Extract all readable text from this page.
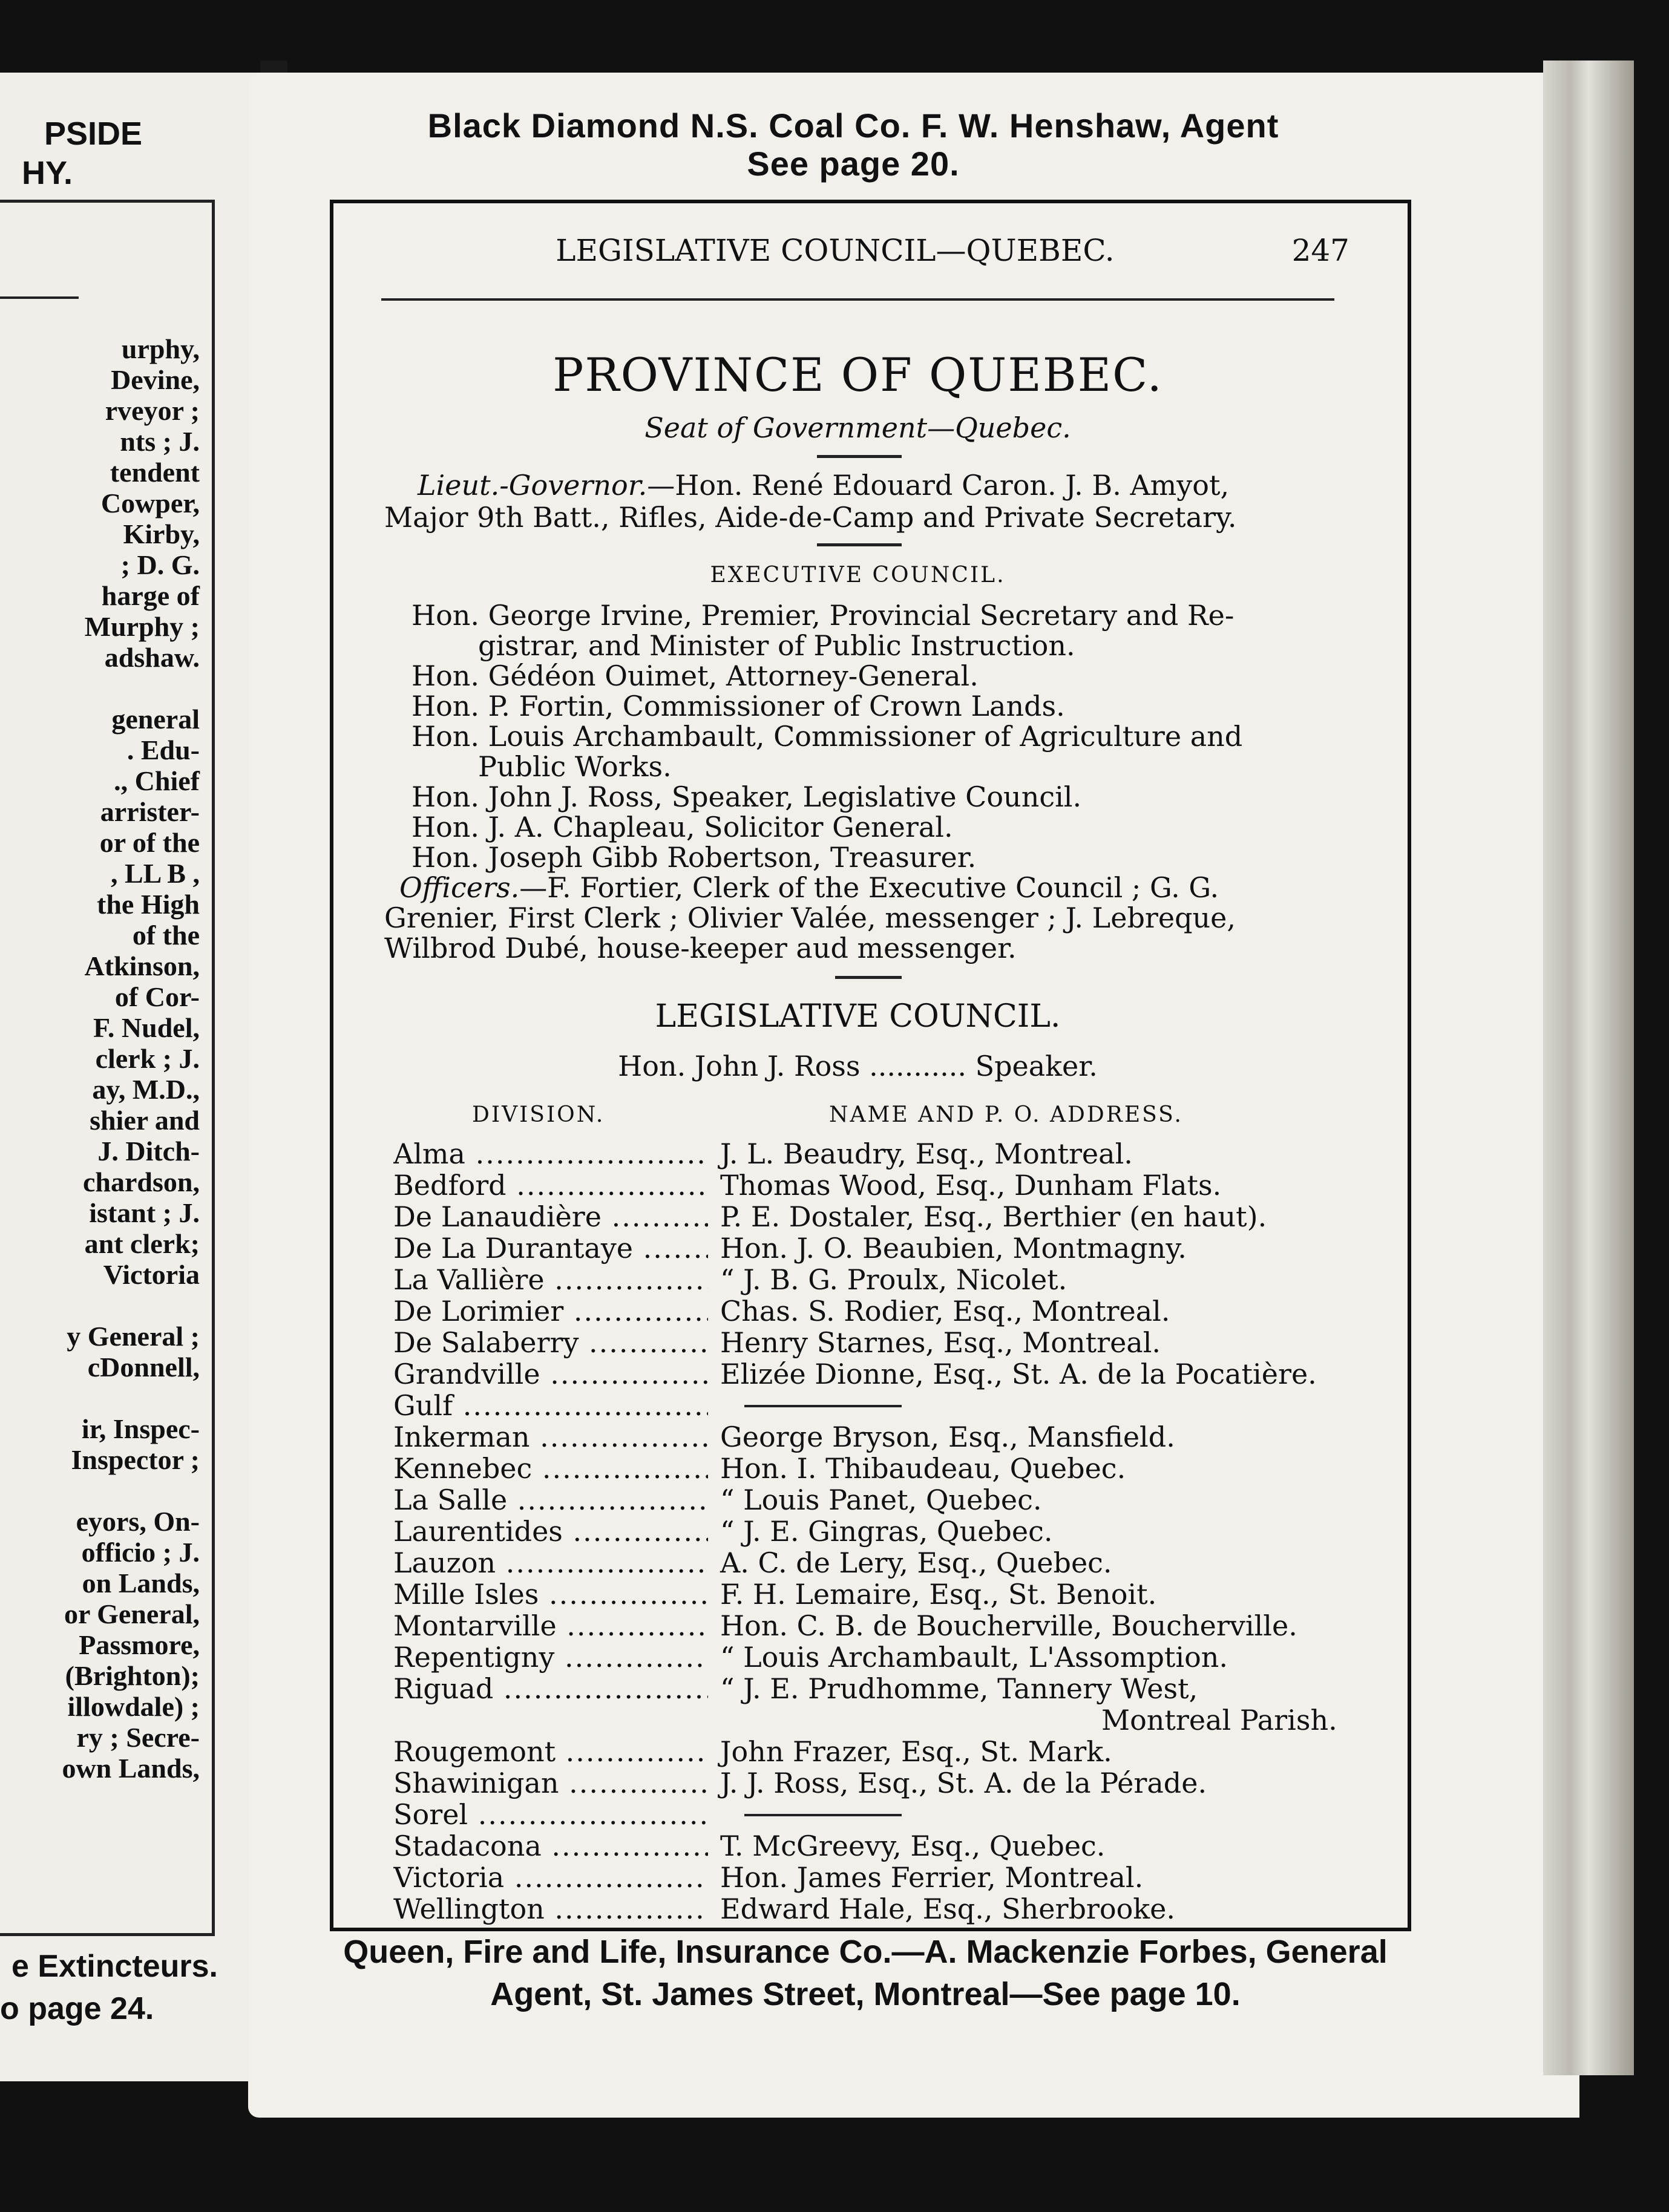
PSIDE
HY.
urphy,
Devine,
rveyor ;
nts ; J.
tendent
Cowper,
Kirby,
; D. G.
harge of
Murphy ;
adshaw.
general
. Edu-
., Chief
arrister-
or of the
, LL B ,
the High
of the
Atkinson,
of Cor-
F. Nudel,
clerk ; J.
ay, M.D.,
shier and
J. Ditch-
chardson,
istant ; J.
ant clerk;
Victoria
y General ;
cDonnell,
ir, Inspec-
Inspector ;
eyors, On-
officio ; J.
on Lands,
or General,
Passmore,
(Brighton);
illowdale) ;
ry ; Secre-
own Lands,
e Extincteurs.
o page 24.
Black Diamond N.S. Coal Co. F. W. Henshaw, Agent
See page 20.
LEGISLATIVE COUNCIL—QUEBEC.	247
PROVINCE OF QUEBEC.
Seat of Government—Quebec.
Lieut.-Governor.—Hon. René Edouard Caron. J. B. Amyot,
Major 9th Batt., Rifles, Aide-de-Camp and Private Secretary.
EXECUTIVE COUNCIL.
Hon. George Irvine, Premier, Provincial Secretary and Re-
gistrar, and Minister of Public Instruction.
Hon. Gédéon Ouimet, Attorney-General.
Hon. P. Fortin, Commissioner of Crown Lands.
Hon. Louis Archambault, Commissioner of Agriculture and
Public Works.
Hon. John J. Ross, Speaker, Legislative Council.
Hon. J. A. Chapleau, Solicitor General.
Hon. Joseph Gibb Robertson, Treasurer.
Officers.—F. Fortier, Clerk of the Executive Council ; G. G.
Grenier, First Clerk ; Olivier Valée, messenger ; J. Lebreque,
Wilbrod Dubé, house-keeper aud messenger.
LEGISLATIVE COUNCIL.
Hon. John J. Ross ........... Speaker.
DIVISION.	NAME AND P. O. ADDRESS.
Alma .....	J. L. Beaudry, Esq., Montreal.
Bedford .....	Thomas Wood, Esq., Dunham Flats.
De Lanaudière .....	P. E. Dostaler, Esq., Berthier (en haut).
De La Durantaye .....	Hon. J. O. Beaubien, Montmagny.
La Vallière .....	“ J. B. G. Proulx, Nicolet.
De Lorimier .....	Chas. S. Rodier, Esq., Montreal.
De Salaberry .....	Henry Starnes, Esq., Montreal.
Grandville .....	Elizée Dionne, Esq., St. A. de la Pocatière.
Gulf .....
Inkerman .....	George Bryson, Esq., Mansfield.
Kennebec .....	Hon. I. Thibaudeau, Quebec.
La Salle .....	“ Louis Panet, Quebec.
Laurentides .....	“ J. E. Gingras, Quebec.
Lauzon .....	A. C. de Lery, Esq., Quebec.
Mille Isles .....	F. H. Lemaire, Esq., St. Benoit.
Montarville .....	Hon. C. B. de Boucherville, Boucherville.
Repentigny .....	“ Louis Archambault, L'Assomption.
Riguad .....	“ J. E. Prudhomme, Tannery West,
Montreal Parish.
Rougemont .....	John Frazer, Esq., St. Mark.
Shawinigan .....	J. J. Ross, Esq., St. A. de la Pérade.
Sorel .....
Stadacona .....	T. McGreevy, Esq., Quebec.
Victoria .....	Hon. James Ferrier, Montreal.
Wellington .....	Edward Hale, Esq., Sherbrooke.
Queen, Fire and Life, Insurance Co.—A. Mackenzie Forbes, General
Agent, St. James Street, Montreal—See page 10.
